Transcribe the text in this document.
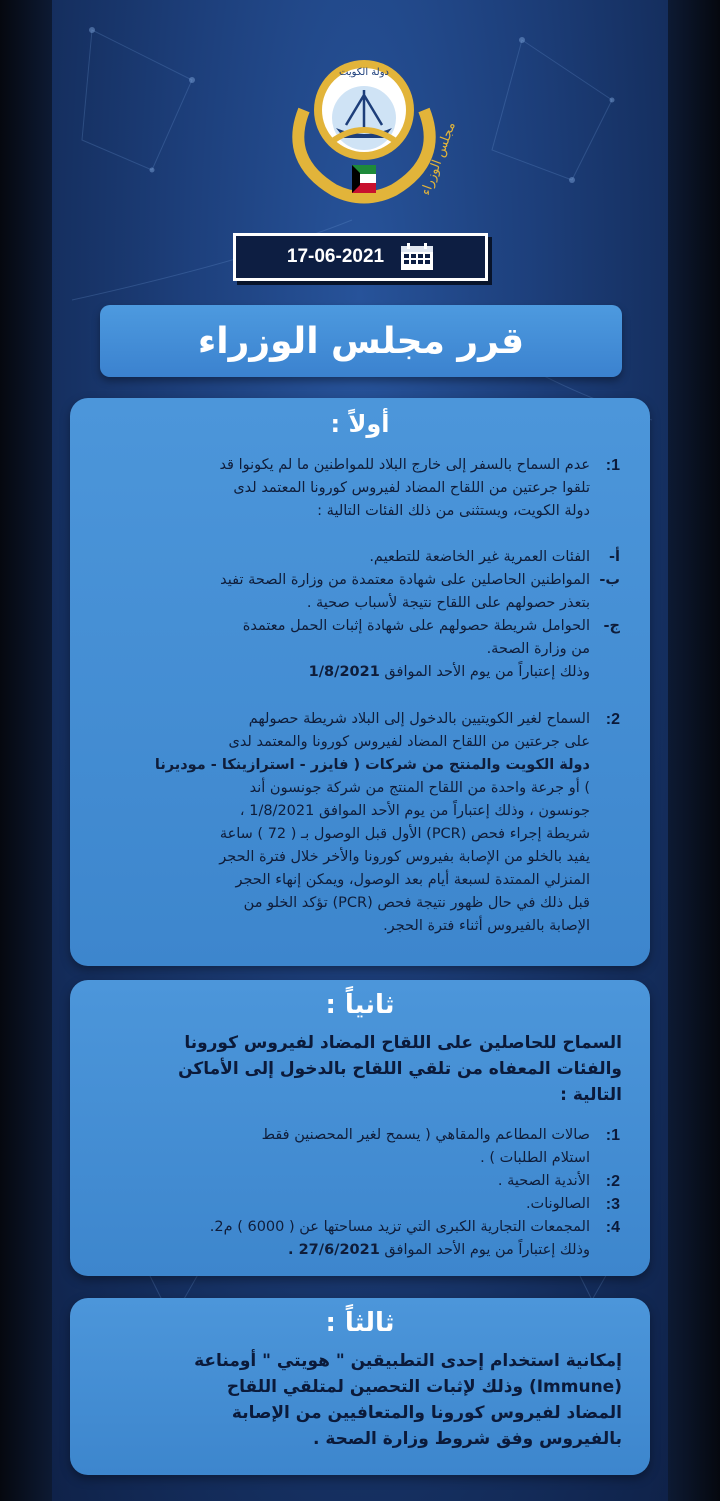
دولة الكويت
مجلس الوزراء
17-06-2021
قرر مجلس الوزراء
أولاً :
1:
عدم السماح بالسفر إلى خارج البلاد للمواطنين ما لم يكونوا قد
تلقوا جرعتين من اللقاح المضاد لفيروس كورونا المعتمد لدى
دولة الكويت، ويستثنى من ذلك الفئات التالية :
أ-
الفئات العمرية غير الخاضعة للتطعيم.
ب-
المواطنين الحاصلين على شهادة معتمدة من وزارة الصحة تفيد
بتعذر حصولهم على اللقاح نتيجة لأسباب صحية .
ج-
الحوامل شريطة حصولهم على شهادة إثبات الحمل معتمدة
من وزارة الصحة.
وذلك إعتباراً من يوم الأحد الموافق 1/8/2021
2:
السماح لغير الكويتيين بالدخول إلى البلاد شريطة حصولهم
على جرعتين من اللقاح المضاد لفيروس كورونا والمعتمد لدى
دولة الكويت والمنتج من شركات ( فايزر - استرازينكا - موديرنا
) أو جرعة واحدة من اللقاح المنتج من شركة جونسون أند
جونسون ، وذلك إعتباراً من يوم الأحد الموافق 1/8/2021 ،
شريطة إجراء فحص (PCR) الأول قبل الوصول بـ ( 72 ) ساعة
يفيد بالخلو من الإصابة بفيروس كورونا والأخر خلال فترة الحجر
المنزلي الممتدة لسبعة أيام بعد الوصول، ويمكن إنهاء الحجر
قبل ذلك في حال ظهور نتيجة فحص (PCR) تؤكد الخلو من
الإصابة بالفيروس أثناء فترة الحجر.
ثانياً :
السماح للحاصلين على اللقاح المضاد لفيروس كورونا
والفئات المعفاه من تلقي اللقاح بالدخول إلى الأماكن
التالية :
1:
صالات المطاعم والمقاهي ( يسمح لغير المحصنين فقط
استلام الطلبات ) .
2:
الأندية الصحية .
3:
الصالونات.
4:
المجمعات التجارية الكبرى التي تزيد مساحتها عن ( 6000 ) م2.
وذلك إعتباراً من يوم الأحد الموافق 27/6/2021 .
ثالثاً :
إمكانية استخدام إحدى التطبيقين " هويتي " أومناعة
(Immune) وذلك لإثبات التحصين لمتلقي اللقاح
المضاد لفيروس كورونا والمتعافيين من الإصابة
بالفيروس وفق شروط وزارة الصحة .
